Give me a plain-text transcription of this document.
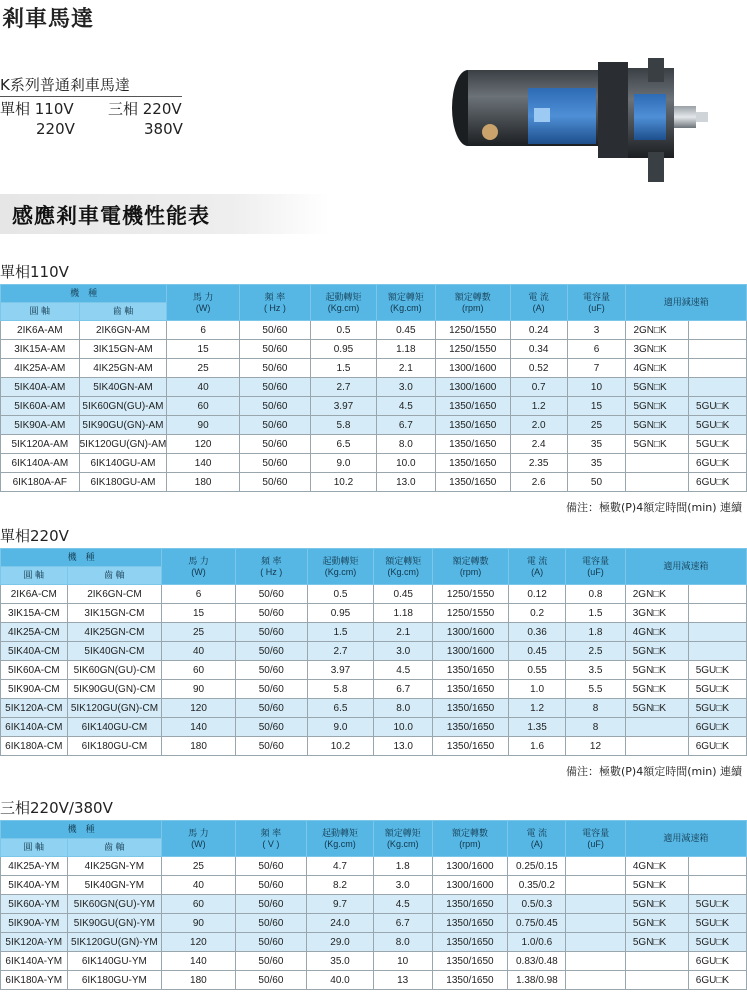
剎車馬達
K系列普通剎車馬達
單相 110V 三相 220V
220V	380V
感應剎車電機性能表
單相110V
機　種		馬 力
(W)	頻 率
( Hz )	起動轉矩
(Kg.cm)	額定轉矩
(Kg.cm)	額定轉數
(rpm)	電 流
(A)	電容量
(uF)	適用減速箱	
圓 軸	齒 軸									
2IK6A-AM	2IK6GN-AM	6	50/60	0.5	0.45	1250/1550	0.24	3	2GN□K	
3IK15A-AM	3IK15GN-AM	15	50/60	0.95	1.18	1250/1550	0.34	6	3GN□K	
4IK25A-AM	4IK25GN-AM	25	50/60	1.5	2.1	1300/1600	0.52	7	4GN□K	
5IK40A-AM	5IK40GN-AM	40	50/60	2.7	3.0	1300/1600	0.7	10	5GN□K	
5IK60A-AM	5IK60GN(GU)-AM	60	50/60	3.97	4.5	1350/1650	1.2	15	5GN□K	5GU□K
5IK90A-AM	5IK90GU(GN)-AM	90	50/60	5.8	6.7	1350/1650	2.0	25	5GN□K	5GU□K
5IK120A-AM	5IK120GU(GN)-AM	120	50/60	6.5	8.0	1350/1650	2.4	35	5GN□K	5GU□K
6IK140A-AM	6IK140GU-AM	140	50/60	9.0	10.0	1350/1650	2.35	35		6GU□K
6IK180A-AF	6IK180GU-AM	180	50/60	10.2	13.0	1350/1650	2.6	50		6GU□K
備注：極數(P)4額定時間(min) 連續
單相220V
機　種		馬 力
(W)	頻 率
( Hz )	起動轉矩
(Kg.cm)	額定轉矩
(Kg.cm)	額定轉數
(rpm)	電 流
(A)	電容量
(uF)	適用減速箱	
圓 軸	齒 軸									
2IK6A-CM	2IK6GN-CM	6	50/60	0.5	0.45	1250/1550	0.12	0.8	2GN□K	
3IK15A-CM	3IK15GN-CM	15	50/60	0.95	1.18	1250/1550	0.2	1.5	3GN□K	
4IK25A-CM	4IK25GN-CM	25	50/60	1.5	2.1	1300/1600	0.36	1.8	4GN□K	
5IK40A-CM	5IK40GN-CM	40	50/60	2.7	3.0	1300/1600	0.45	2.5	5GN□K	
5IK60A-CM	5IK60GN(GU)-CM	60	50/60	3.97	4.5	1350/1650	0.55	3.5	5GN□K	5GU□K
5IK90A-CM	5IK90GU(GN)-CM	90	50/60	5.8	6.7	1350/1650	1.0	5.5	5GN□K	5GU□K
5IK120A-CM	5IK120GU(GN)-CM	120	50/60	6.5	8.0	1350/1650	1.2	8	5GN□K	5GU□K
6IK140A-CM	6IK140GU-CM	140	50/60	9.0	10.0	1350/1650	1.35	8		6GU□K
6IK180A-CM	6IK180GU-CM	180	50/60	10.2	13.0	1350/1650	1.6	12		6GU□K
備注：極數(P)4額定時間(min) 連續
三相220V/380V
機　種		馬 力
(W)	頻 率
( V )	起動轉矩
(Kg.cm)	額定轉矩
(Kg.cm)	額定轉數
(rpm)	電 流
(A)	電容量
(uF)	適用減速箱	
圓 軸	齒 軸									
4IK25A-YM	4IK25GN-YM	25	50/60	4.7	1.8	1300/1600	0.25/0.15		4GN□K	
5IK40A-YM	5IK40GN-YM	40	50/60	8.2	3.0	1300/1600	0.35/0.2		5GN□K	
5IK60A-YM	5IK60GN(GU)-YM	60	50/60	9.7	4.5	1350/1650	0.5/0.3		5GN□K	5GU□K
5IK90A-YM	5IK90GU(GN)-YM	90	50/60	24.0	6.7	1350/1650	0.75/0.45		5GN□K	5GU□K
5IK120A-YM	5IK120GU(GN)-YM	120	50/60	29.0	8.0	1350/1650	1.0/0.6		5GN□K	5GU□K
6IK140A-YM	6IK140GU-YM	140	50/60	35.0	10	1350/1650	0.83/0.48			6GU□K
6IK180A-YM	6IK180GU-YM	180	50/60	40.0	13	1350/1650	1.38/0.98			6GU□K
